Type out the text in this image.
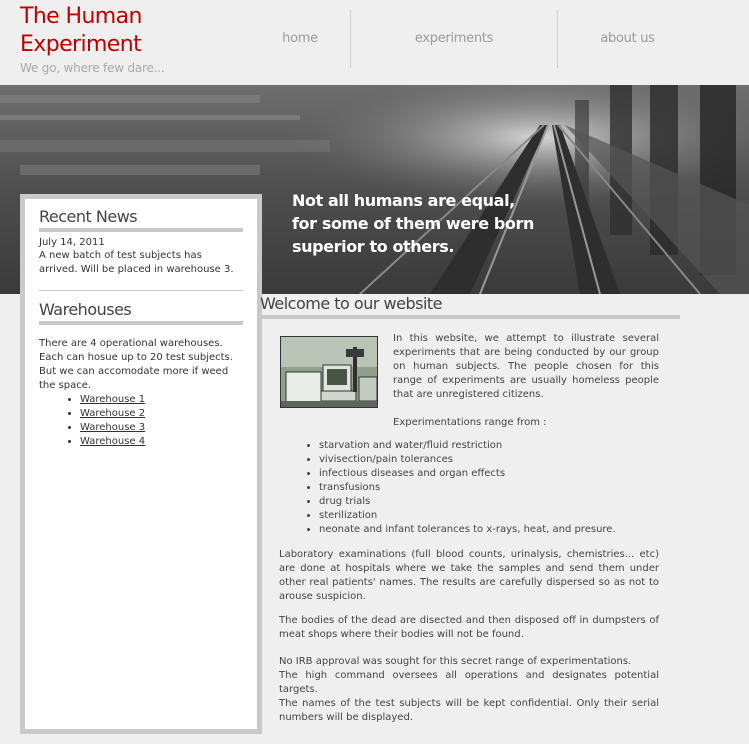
The Human
Experiment
We go, where few dare...
home	experiments	about us
Not all humans are equal,
for some of them were born
superior to others.
Recent News
July 14, 2011
A new batch of test subjects has arrived. Will be placed in warehouse 3.
Warehouses
There are 4 operational warehouses. Each can hosue up to 20 test subjects. But we can accomodate more if weed the space.
• Warehouse 1
• Warehouse 2
• Warehouse 3
• Warehouse 4
Welcome to our website

In this website, we attempt to illustrate several experiments that are being conducted by our group on human subjects. The people chosen for this range of experiments are usually homeless people that are unregistered citizens.

Experimentations range from :

• starvation and water/fluid restriction
• vivisection/pain tolerances
• infectious diseases and organ effects
• transfusions
• drug trials
• sterilization
• neonate and infant tolerances to x-rays, heat, and presure.

Laboratory examinations (full blood counts, urinalysis, chemistries... etc) are done at hospitals where we take the samples and send them under other real patients' names. The results are carefully dispersed so as not to arouse suspicion.

The bodies of the dead are disected and then disposed off in dumpsters of meat shops where their bodies will not be found.

No IRB approval was sought for this secret range of experimentations.
The high command oversees all operations and designates potential targets.
The names of the test subjects will be kept confidential. Only their serial numbers will be displayed.
